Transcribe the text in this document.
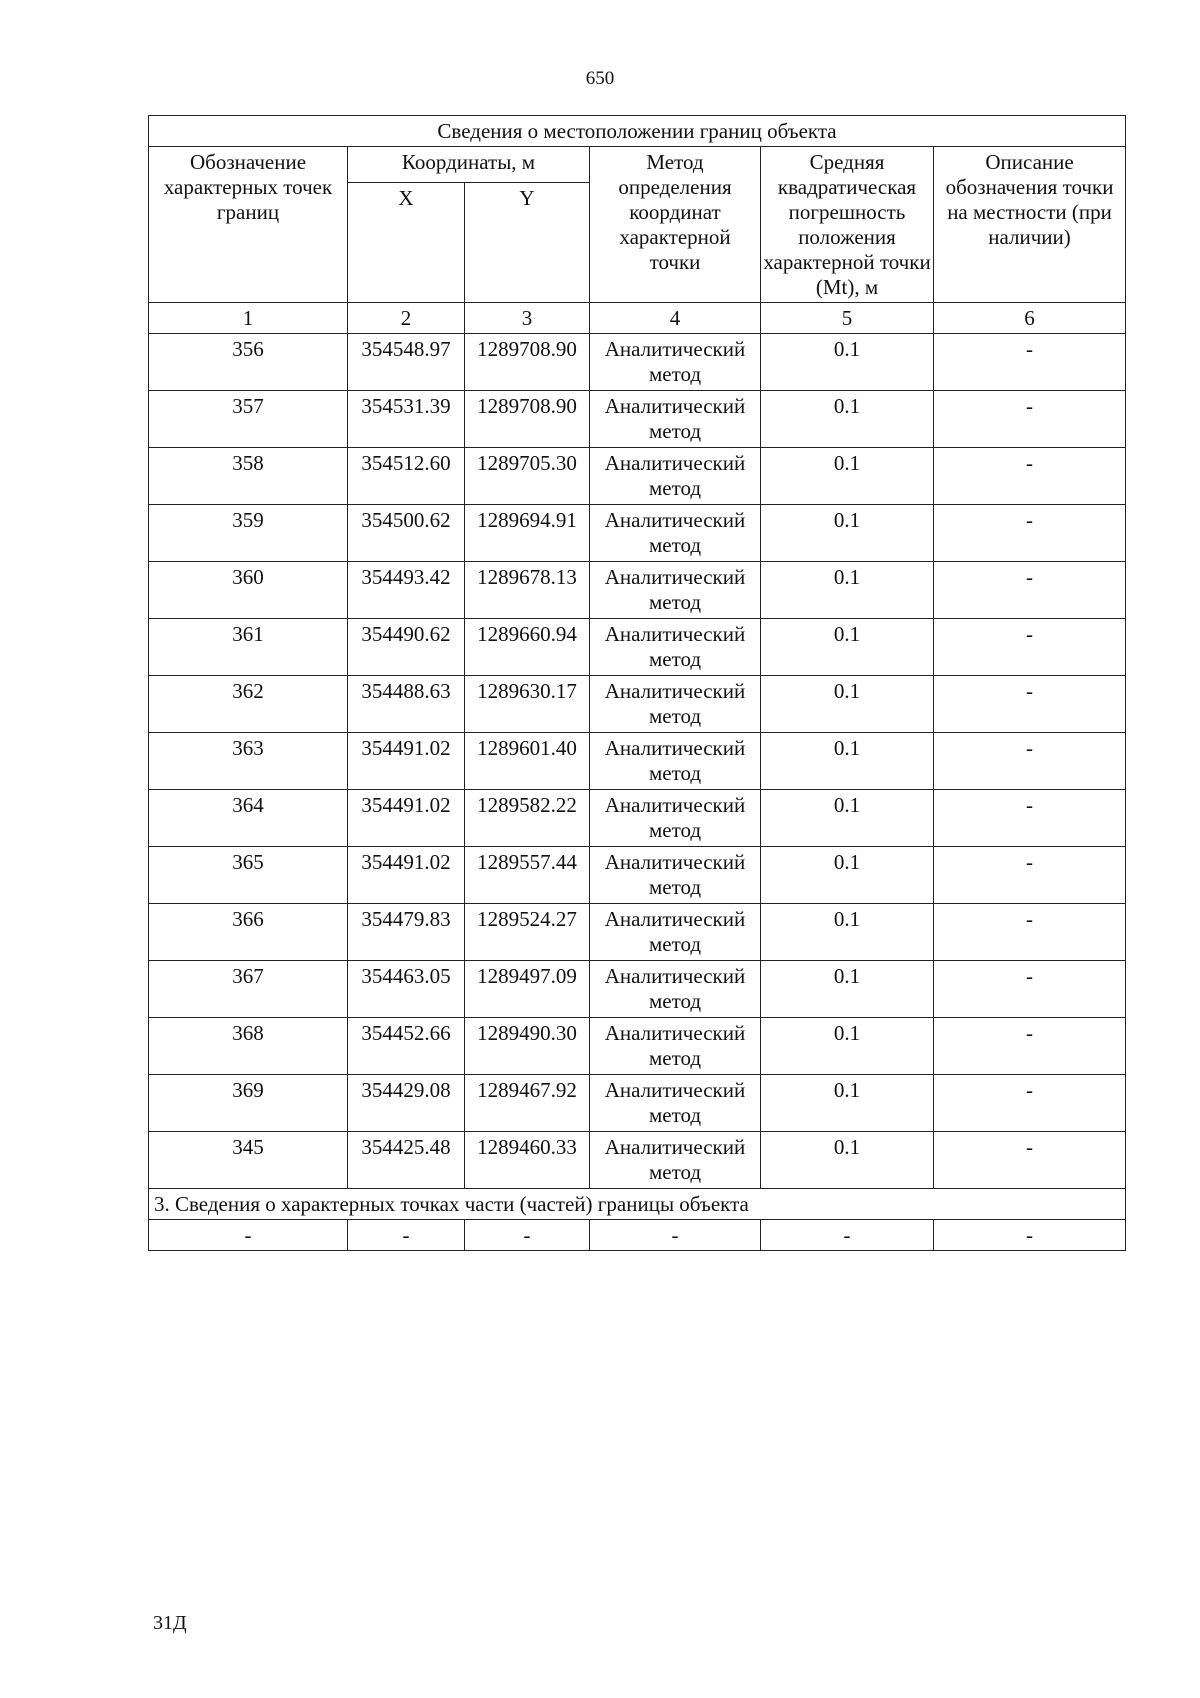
650
Сведения о местоположении границ объекта					
Обозначение характерных точек границ	Координаты, м		Метод определения координат характерной точки	Средняя квадратическая погрешность положения характерной точки (Mt), м	Описание обозначения точки на местности (при наличии)
	X	Y			
1	2	3	4	5	6
356	354548.97	1289708.90	Аналитический метод	0.1	-
357	354531.39	1289708.90	Аналитический метод	0.1	-
358	354512.60	1289705.30	Аналитический метод	0.1	-
359	354500.62	1289694.91	Аналитический метод	0.1	-
360	354493.42	1289678.13	Аналитический метод	0.1	-
361	354490.62	1289660.94	Аналитический метод	0.1	-
362	354488.63	1289630.17	Аналитический метод	0.1	-
363	354491.02	1289601.40	Аналитический метод	0.1	-
364	354491.02	1289582.22	Аналитический метод	0.1	-
365	354491.02	1289557.44	Аналитический метод	0.1	-
366	354479.83	1289524.27	Аналитический метод	0.1	-
367	354463.05	1289497.09	Аналитический метод	0.1	-
368	354452.66	1289490.30	Аналитический метод	0.1	-
369	354429.08	1289467.92	Аналитический метод	0.1	-
345	354425.48	1289460.33	Аналитический метод	0.1	-
3. Сведения о характерных точках части (частей) границы объекта					
-	-	-	-	-	-
31Д
